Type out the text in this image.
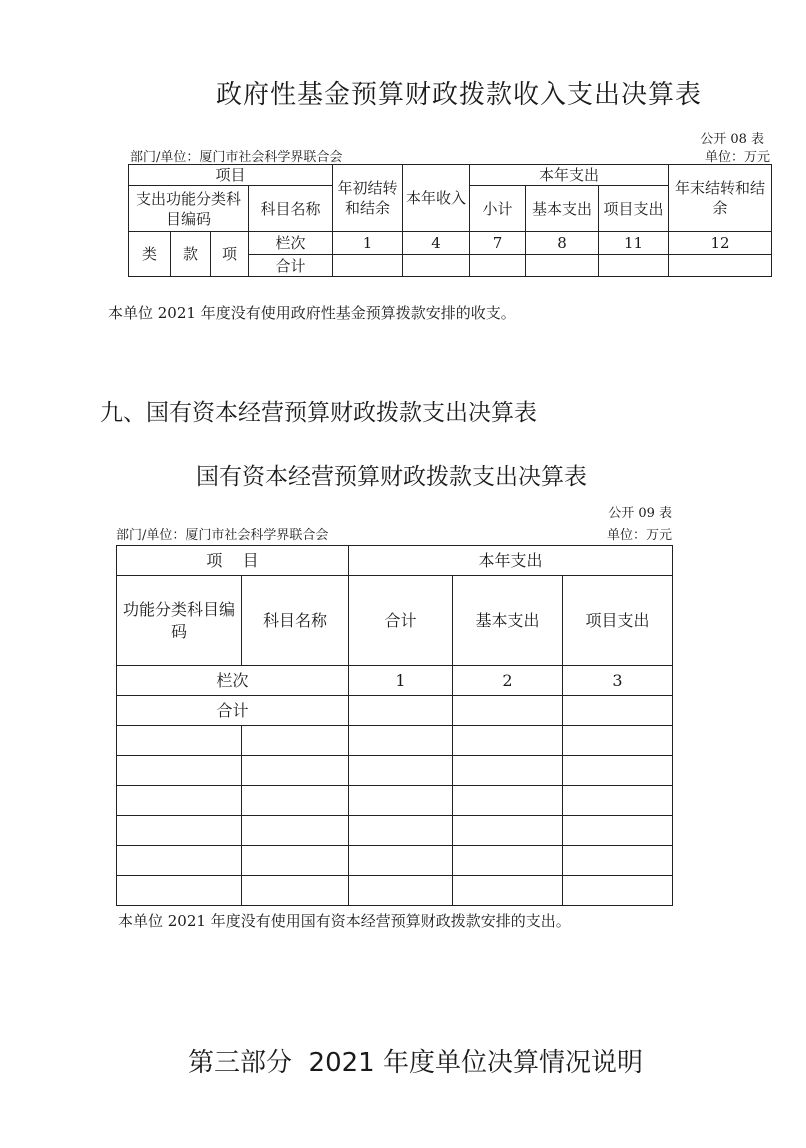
政府性基金预算财政拨款收入支出决算表
公开 08 表
部门/单位：厦门市社会科学界联合会	单位：万元
项目				年初结转和结余	本年收入	本年支出			年末结转和结余
支出功能分类科目编码			科目名称			小计	基本支出	项目支出	
类	款	项	栏次	1	4	7	8	11	12
			合计						
本单位 2021 年度没有使用政府性基金预算拨款安排的收支。
九、国有资本经营预算财政拨款支出决算表
国有资本经营预算财政拨款支出决算表
公开 09 表
部门/单位：厦门市社会科学界联合会	单位：万元
项    目		本年支出		
功能分类科目编码	科目名称	合计	基本支出	项目支出
栏次		1	2	3
合计				

本单位 2021 年度没有使用国有资本经营预算财政拨款安排的支出。
第三部分  2021 年度单位决算情况说明
